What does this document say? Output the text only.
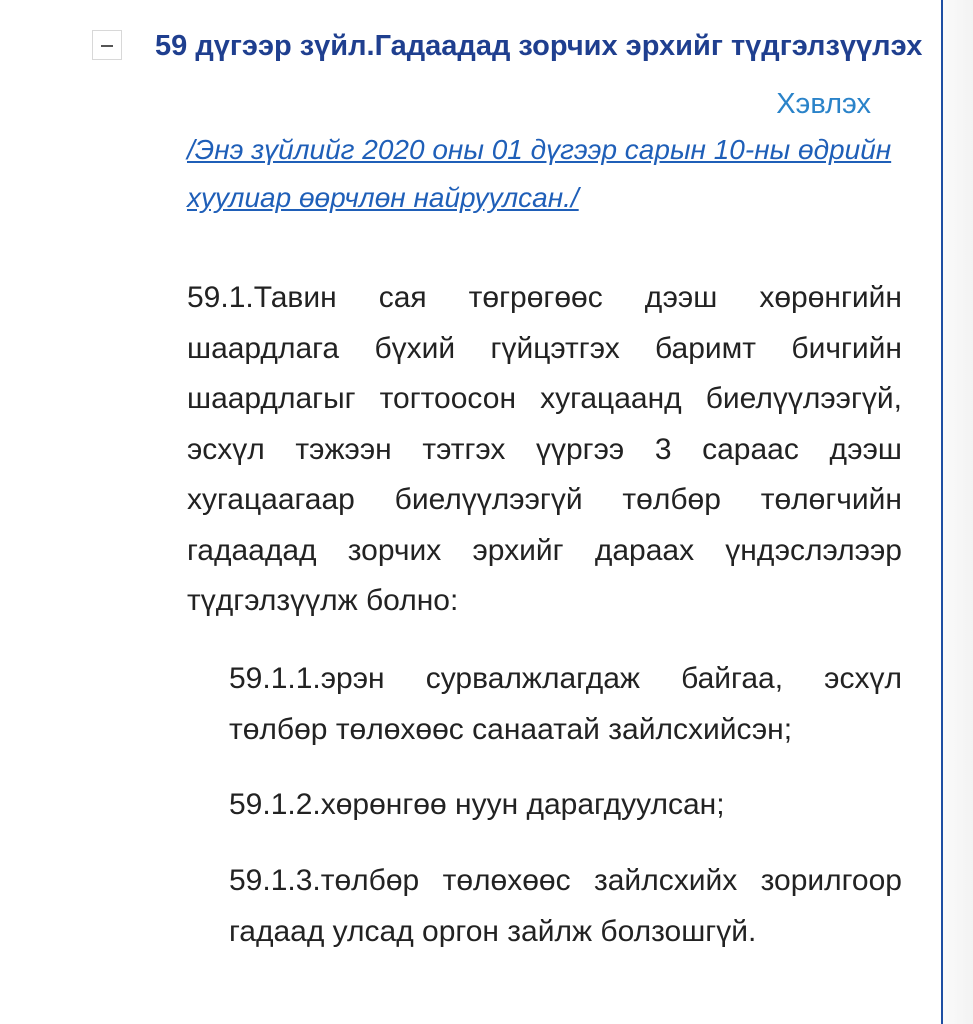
59 дүгээр зүйл.Гадаадад зорчих эрхийг түдгэлзүүлэх
Хэвлэх
/Энэ зүйлийг 2020 оны 01 дүгээр сарын 10-ны өдрийн
хуулиар өөрчлөн найруулсан./

59.1.Тавин сая төгрөгөөс дээш хөрөнгийн шаардлага бүхий гүйцэтгэх баримт бичгийн шаардлагыг тогтоосон хугацаанд биелүүлээгүй, эсхүл тэжээн тэтгэх үүргээ 3 сараас дээш хугацаагаар биелүүлээгүй төлбөр төлөгчийн гадаадад зорчих эрхийг дараах үндэслэлээр түдгэлзүүлж болно:

59.1.1.эрэн сурвалжлагдаж байгаа, эсхүл төлбөр төлөхөөс санаатай зайлсхийсэн;

59.1.2.хөрөнгөө нуун дарагдуулсан;

59.1.3.төлбөр төлөхөөс зайлсхийх зорилгоор гадаад улсад оргон зайлж болзошгүй.
